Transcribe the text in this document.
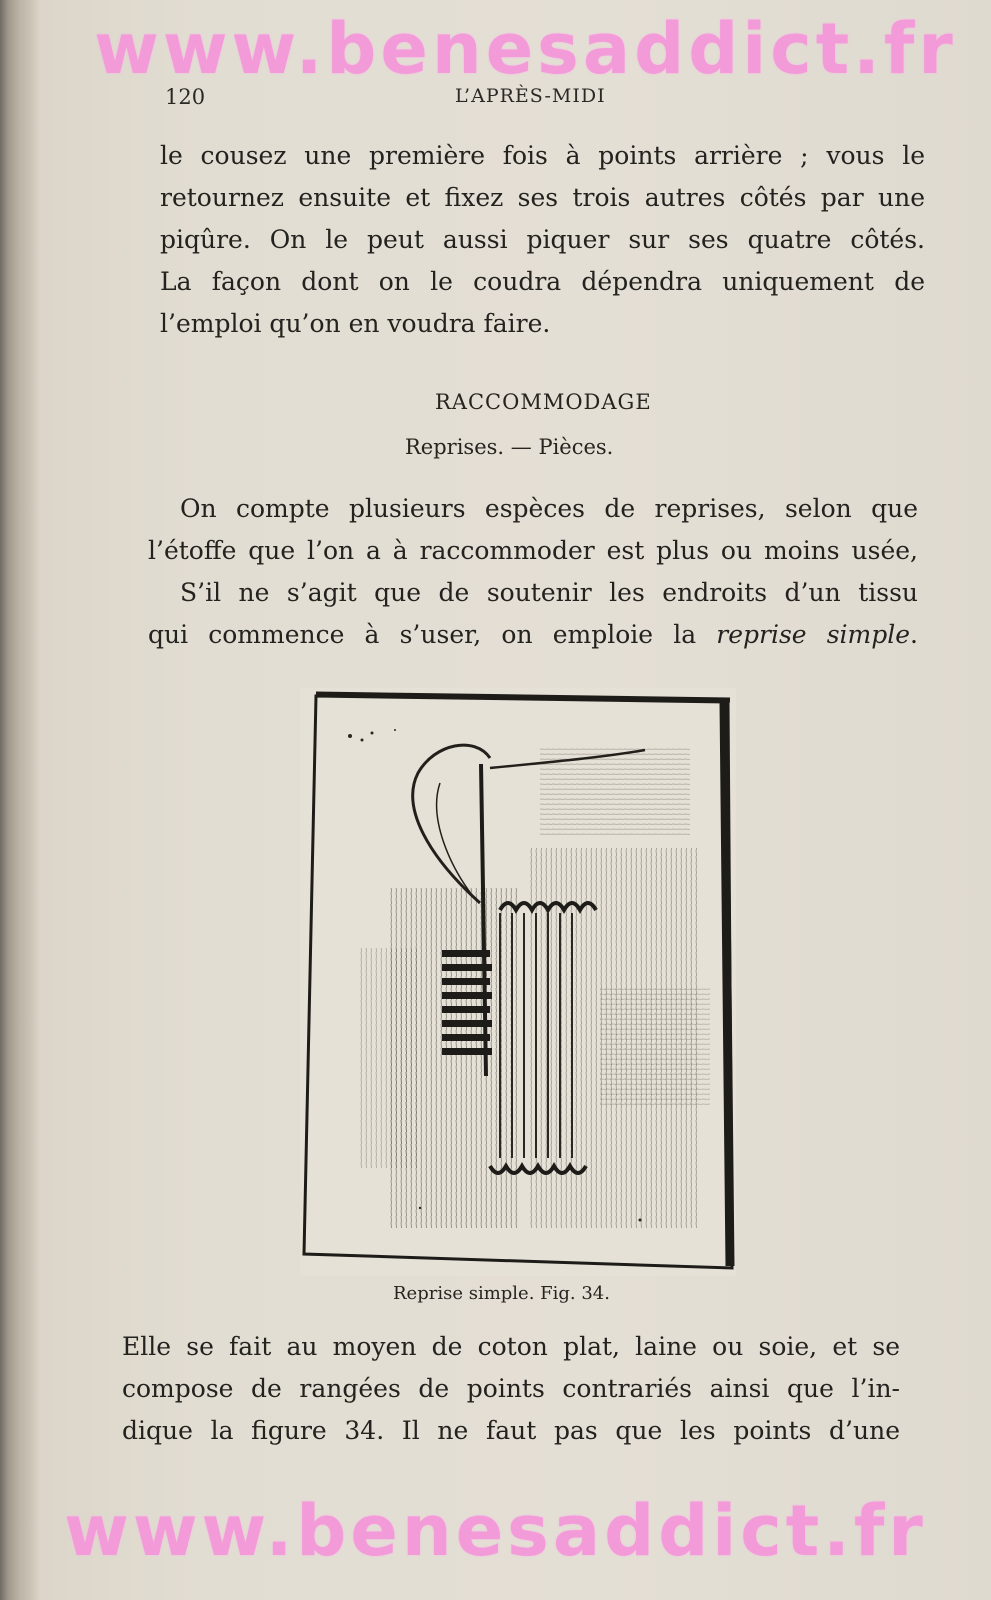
www.benesaddict.fr
120	L’APRÈS-MIDI
le cousez une première fois à points arrière ; vous le
retournez ensuite et fixez ses trois autres côtés par une
piqûre. On le peut aussi piquer sur ses quatre côtés.
La façon dont on le coudra dépendra uniquement de
l’emploi qu’on en voudra faire.
RACCOMMODAGE
Reprises. — Pièces.
On compte plusieurs espèces de reprises, selon que
l’étoffe que l’on a à raccommoder est plus ou moins usée,
S’il ne s’agit que de soutenir les endroits d’un tissu
qui commence à s’user, on emploie la reprise simple.
Reprise simple. Fig. 34.
Elle se fait au moyen de coton plat, laine ou soie, et se
compose de rangées de points contrariés ainsi que l’in-
dique la figure 34. Il ne faut pas que les points d’une
www.benesaddict.fr
